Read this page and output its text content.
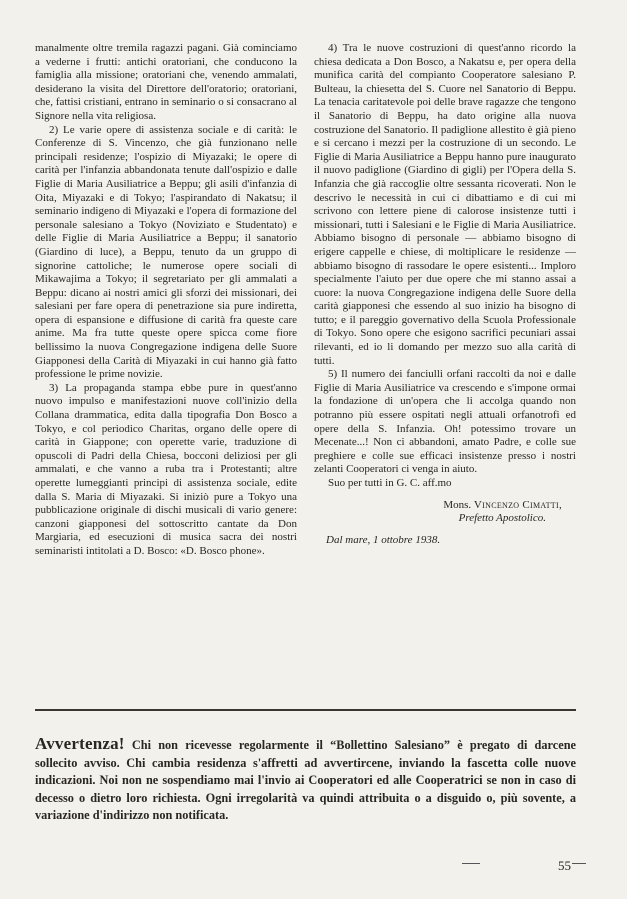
manalmente oltre tremila ragazzi pagani. Già cominciamo a vederne i frutti: antichi oratoriani, che conducono la famiglia alla missione; oratoriani che, venendo ammalati, desiderano la visita del Direttore dell'oratorio; oratoriani, che, fattisi cristiani, entrano in seminario o si consacrano al Signore nella vita religiosa.

2) Le varie opere di assistenza sociale e di carità: le Conferenze di S. Vincenzo, che già funzionano nelle principali residenze; l'ospizio di Miyazaki; le opere di carità per l'infanzia abbandonata tenute dall'ospizio e dalle Figlie di Maria Ausiliatrice a Beppu; gli asili d'infanzia di Oita, Miyazaki e di Tokyo; l'aspirandato di Nakatsu; il seminario indigeno di Miyazaki e l'opera di formazione del personale salesiano a Tokyo (Noviziato e Studentato) e delle Figlie di Maria Ausiliatrice a Beppu; il sanatorio (Giardino di luce), a Beppu, tenuto da un gruppo di signorine cattoliche; le numerose opere sociali di Mikawajima a Tokyo; il segretariato per gli ammalati a Beppu: dicano ai nostri amici gli sforzi dei missionari, dei salesiani per fare opera di penetrazione sia pure indiretta, opera di espansione e diffusione di carità fra queste care anime. Ma fra tutte queste opere spicca come fiore bellissimo la nuova Congregazione indigena delle Suore Giapponesi della Carità di Miyazaki in cui hanno già fatto professione le prime novizie.

3) La propaganda stampa ebbe pure in quest'anno nuovo impulso e manifestazioni nuove coll'inizio della Collana drammatica, edita dalla tipografia Don Bosco a Tokyo, e col periodico Charitas, organo delle opere di carità in Giappone; con operette varie, traduzione di opuscoli di Padri della Chiesa, bocconi deliziosi per gli ammalati, e che vanno a ruba tra i Protestanti; altre operette lumeggianti principi di assistenza sociale, edite dalla S. Maria di Miyazaki. Si iniziò pure a Tokyo una pubblicazione originale di dischi musicali di vario genere: canzoni giapponesi del sottoscritto cantate da Don Margiaria, ed esecuzioni di musica sacra dei nostri seminaristi intitolati a D. Bosco: «D. Bosco phone».

4) Tra le nuove costruzioni di quest'anno ricordo la chiesa dedicata a Don Bosco, a Nakatsu e, per opera della munifica carità del compianto Cooperatore salesiano P. Bulteau, la chiesetta del S. Cuore nel Sanatorio di Beppu. La tenacia caritatevole poi delle brave ragazze che tengono il Sanatorio di Beppu, ha dato origine alla nuova costruzione del Sanatorio. Il padiglione allestito è già pieno e si cercano i mezzi per la costruzione di un secondo. Le Figlie di Maria Ausiliatrice a Beppu hanno pure inaugurato il nuovo padiglione (Giardino di gigli) per l'Opera della S. Infanzia che già raccoglie oltre sessanta ricoverati. Non le descrivo le necessità in cui ci dibattiamo e di cui mi scrivono con lettere piene di calorose insistenze tutti i missionari, tutti i Salesiani e le Figlie di Maria Ausiliatrice. Abbiamo bisogno di personale — abbiamo bisogno di erigere cappelle e chiese, di moltiplicare le residenze — abbiamo bisogno di rassodare le opere esistenti... Imploro specialmente l'aiuto per due opere che mi stanno assai a cuore: la nuova Congregazione indigena delle Suore della carità giapponesi che essendo al suo inizio ha bisogno di tutto; e il pareggio governativo della Scuola Professionale di Tokyo. Sono opere che esigono sacrifici pecuniari assai rilevanti, ed io li domando per mezzo suo alla carità di tutti.

5) Il numero dei fanciulli orfani raccolti da noi e dalle Figlie di Maria Ausiliatrice va crescendo e s'impone ormai la fondazione di un'opera che li accolga quando non potranno più essere ospitati negli attuali orfanotrofi ed opere della S. Infanzia. Oh! potessimo trovare un Mecenate...! Non ci abbandoni, amato Padre, e colle sue preghiere e colle sue efficaci insistenze presso i nostri zelanti Cooperatori ci venga in aiuto.

Suo per tutti in G. C. aff.mo

Mons. Vincenzo Cimatti,
Prefetto Apostolico.
Dal mare, 1 ottobre 1938.
Avvertenza! Chi non ricevesse regolarmente il “Bollettino Salesiano” è pregato di darcene sollecito avviso. Chi cambia residenza s'affretti ad avvertircene, inviando la fascetta colle nuove indicazioni. Noi non ne sospendiamo mai l'invio ai Cooperatori ed alle Cooperatrici se non in caso di decesso o dietro loro richiesta. Ogni irregolarità va quindi attribuita o a disguido o, più sovente, a variazione d'indirizzo non notificata.
55
